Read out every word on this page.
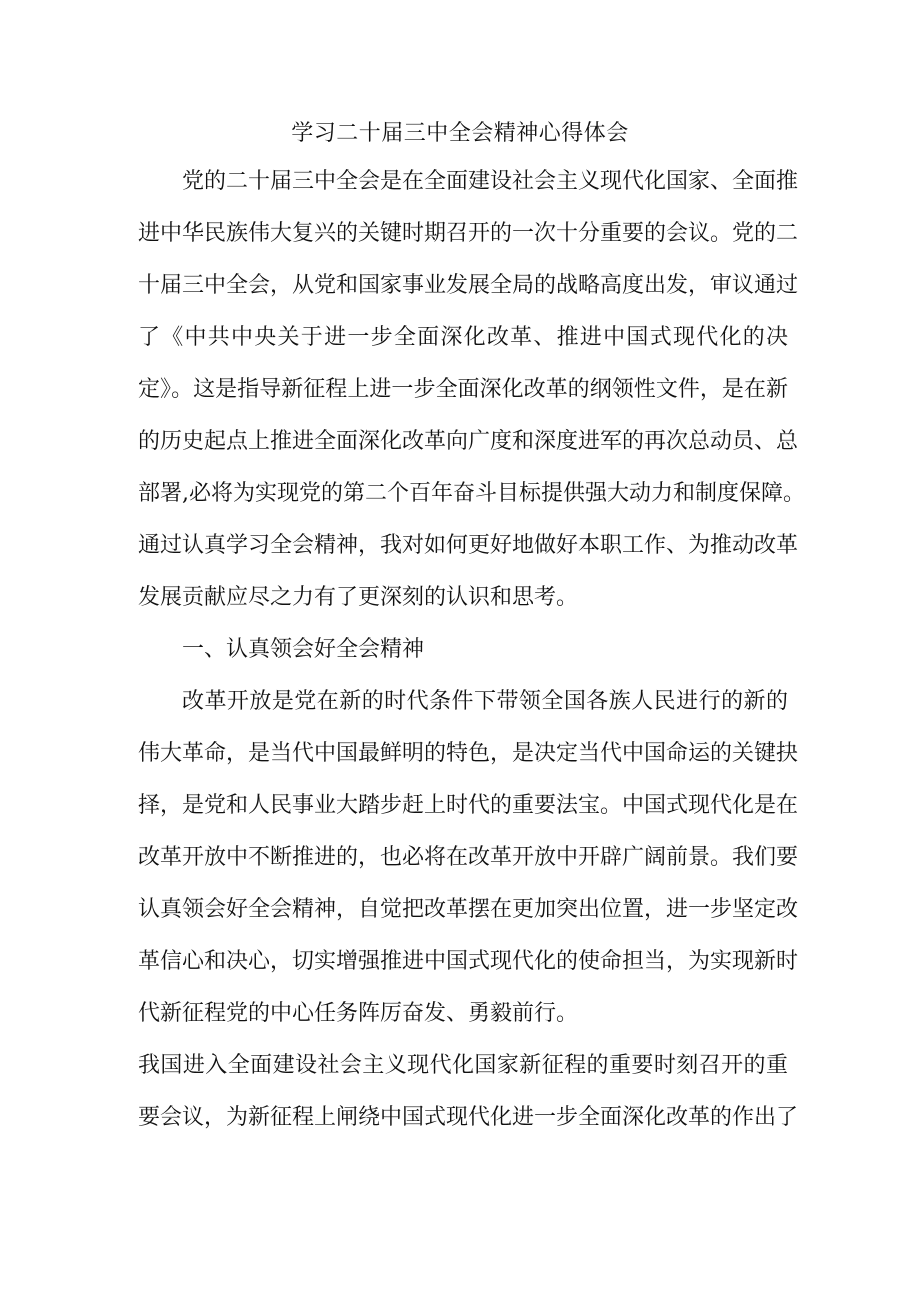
学习二十届三中全会精神心得体会
党的二十届三中全会是在全面建设社会主义现代化国家、全面推
进中华民族伟大复兴的关键时期召开的一次十分重要的会议。党的二
十届三中全会，从党和国家事业发展全局的战略高度出发，审议通过
了《中共中央关于进一步全面深化改革、推进中国式现代化的决
定》。这是指导新征程上进一步全面深化改革的纲领性文件，是在新
的历史起点上推进全面深化改革向广度和深度进军的再次总动员、总
部署,必将为实现党的第二个百年奋斗目标提供强大动力和制度保障。
通过认真学习全会精神，我对如何更好地做好本职工作、为推动改革
发展贡献应尽之力有了更深刻的认识和思考。
一、认真领会好全会精神
改革开放是党在新的时代条件下带领全国各族人民进行的新的
伟大革命，是当代中国最鲜明的特色，是决定当代中国命运的关键抉
择，是党和人民事业大踏步赶上时代的重要法宝。中国式现代化是在
改革开放中不断推进的，也必将在改革开放中开辟广阔前景。我们要
认真领会好全会精神，自觉把改革摆在更加突出位置，进一步坚定改
革信心和决心，切实增强推进中国式现代化的使命担当，为实现新时
代新征程党的中心任务阵厉奋发、勇毅前行。
我国进入全面建设社会主义现代化国家新征程的重要时刻召开的重
要会议，为新征程上闸绕中国式现代化进一步全面深化改革的作出了
